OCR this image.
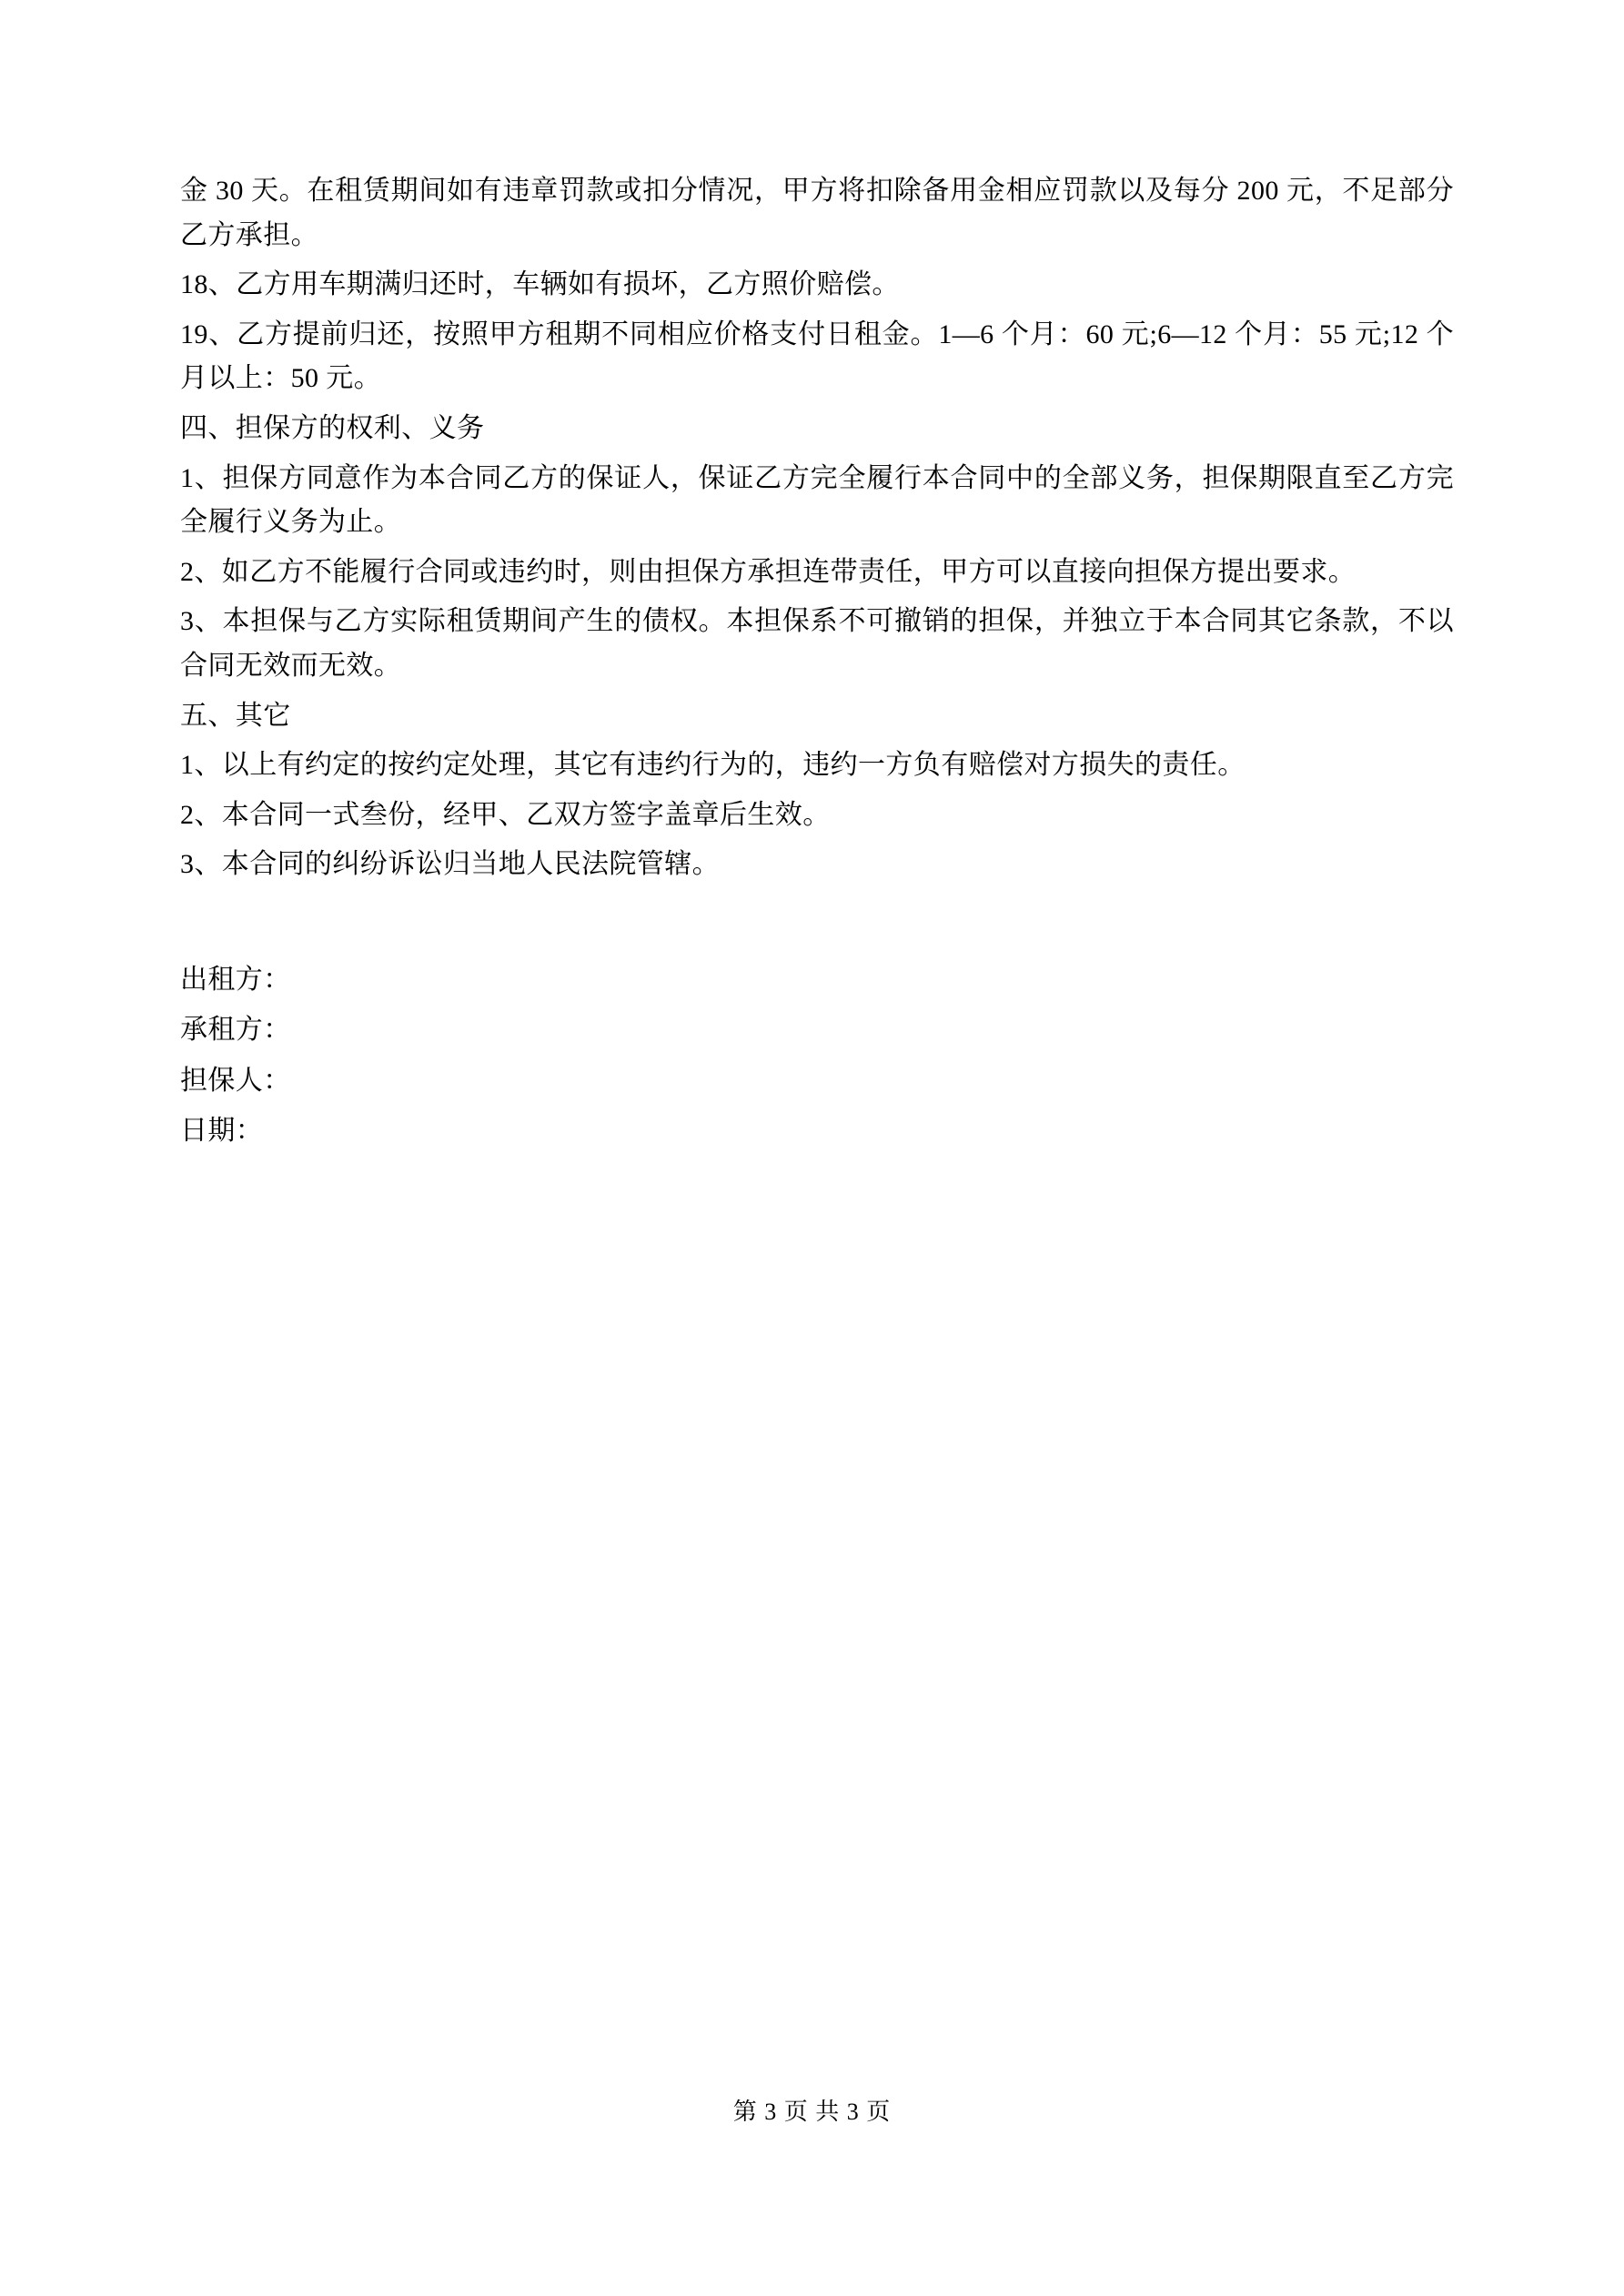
金 30 天。在租赁期间如有违章罚款或扣分情况，甲方将扣除备用金相应罚款以及每分 200 元，不足部分乙方承担。

18、乙方用车期满归还时，车辆如有损坏，乙方照价赔偿。

19、乙方提前归还，按照甲方租期不同相应价格支付日租金。1—6 个月：60 元;6—12 个月：55 元;12 个月以上：50 元。

四、担保方的权利、义务

1、担保方同意作为本合同乙方的保证人，保证乙方完全履行本合同中的全部义务，担保期限直至乙方完全履行义务为止。

2、如乙方不能履行合同或违约时，则由担保方承担连带责任，甲方可以直接向担保方提出要求。

3、本担保与乙方实际租赁期间产生的债权。本担保系不可撤销的担保，并独立于本合同其它条款，不以合同无效而无效。

五、其它

1、以上有约定的按约定处理，其它有违约行为的，违约一方负有赔偿对方损失的责任。

2、本合同一式叁份，经甲、乙双方签字盖章后生效。

3、本合同的纠纷诉讼归当地人民法院管辖。

出租方：

承租方：

担保人：

日期：

第 3 页 共 3 页
